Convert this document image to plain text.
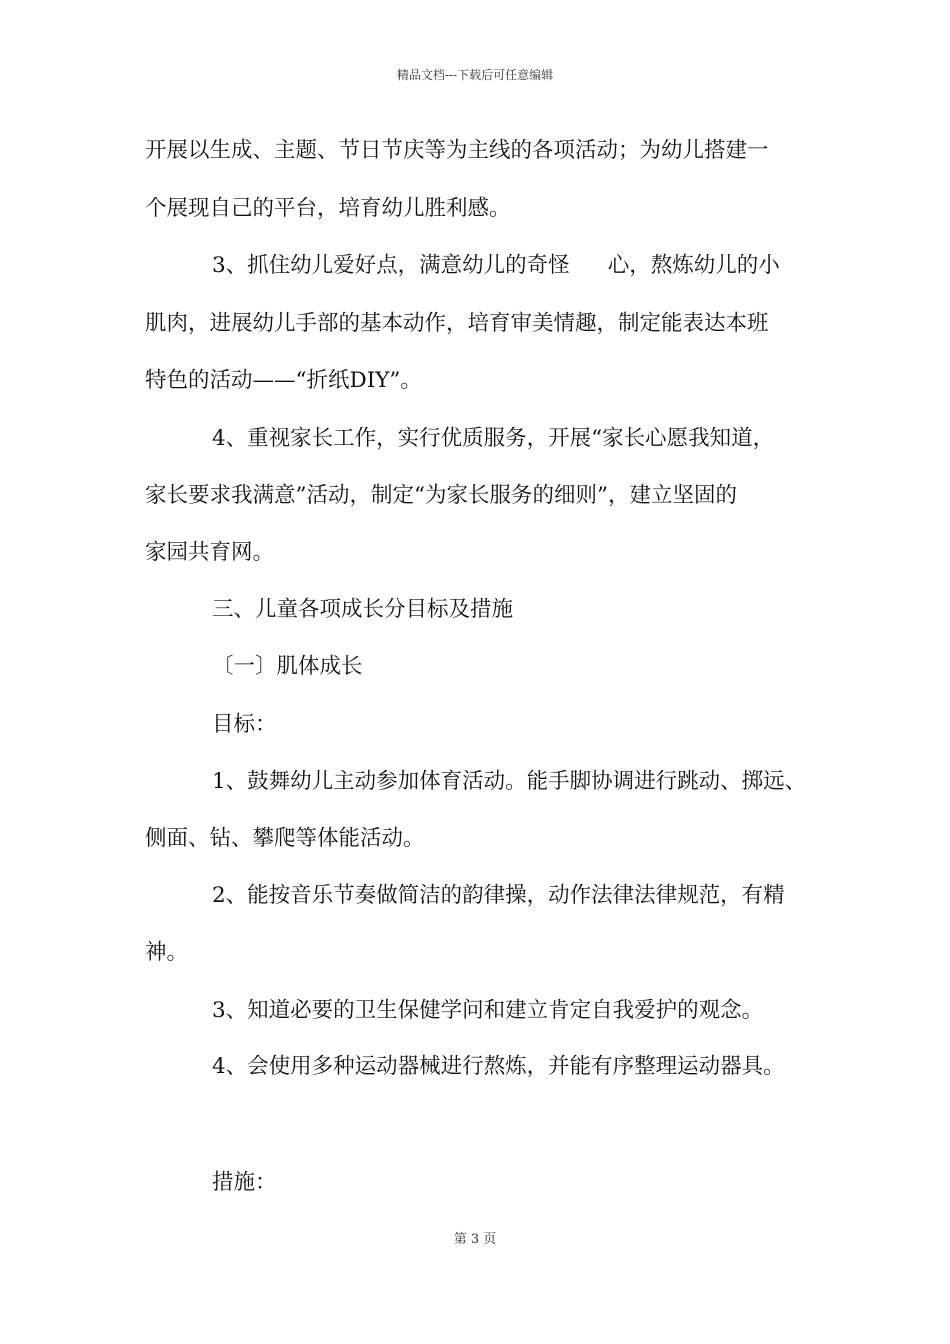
精品文档---下载后可任意编辑
开展以生成、主题、节日节庆等为主线的各项活动；为幼儿搭建一
个展现自己的平台，培育幼儿胜利感。
3、抓住幼儿爱好点，满意幼儿的奇怪 心，熬炼幼儿的小
肌肉，进展幼儿手部的基本动作，培育审美情趣，制定能表达本班
特色的活动——“折纸DIY”。
4、重视家长工作，实行优质服务，开展“家长心愿我知道，
家长要求我满意”活动，制定“为家长服务的细则”，建立坚固的
家园共育网。
三、儿童各项成长分目标及措施
〔一〕肌体成长
目标：
1、鼓舞幼儿主动参加体育活动。能手脚协调进行跳动、掷远、
侧面、钻、攀爬等体能活动。
2、能按音乐节奏做简洁的韵律操，动作法律法律规范，有精
神。
3、知道必要的卫生保健学问和建立肯定自我爱护的观念。
4、会使用多种运动器械进行熬炼，并能有序整理运动器具。
措施：
第 3 页
